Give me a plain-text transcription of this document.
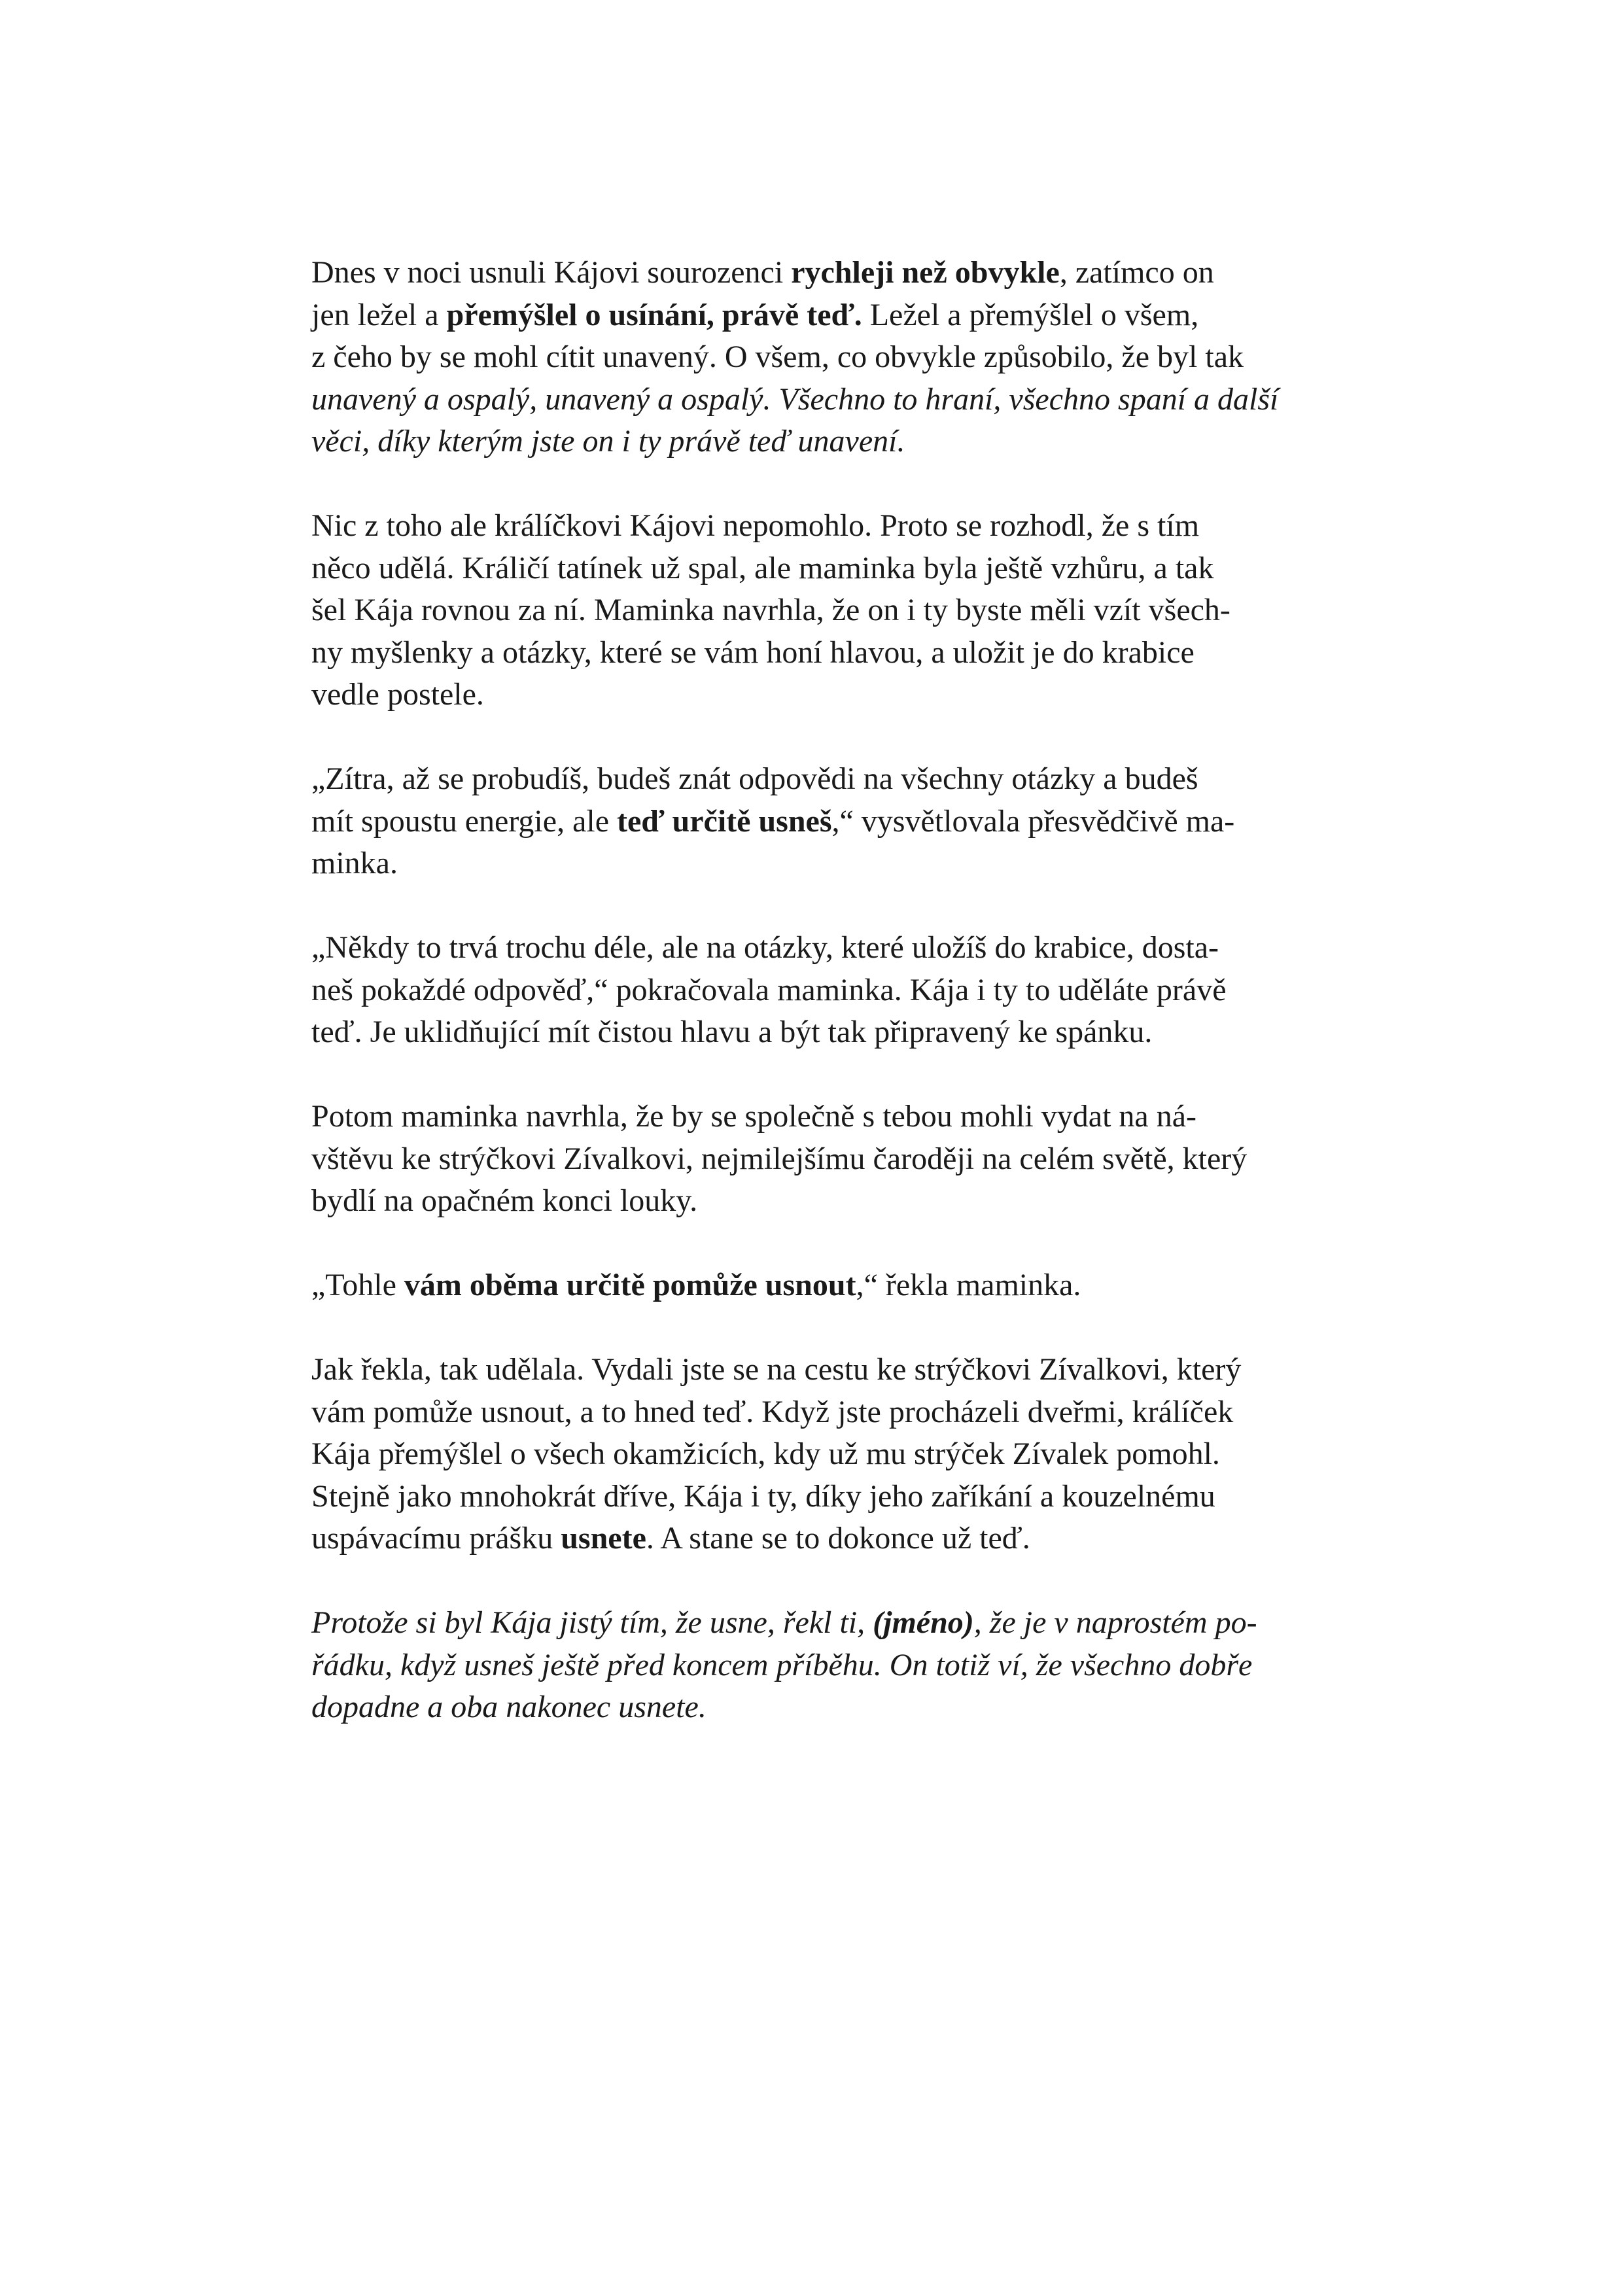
Dnes v noci usnuli Kájovi sourozenci rychleji než obvykle, zatímco on
jen ležel a přemýšlel o usínání, právě teď. Ležel a přemýšlel o všem,
z čeho by se mohl cítit unavený. O všem, co obvykle způsobilo, že byl tak
unavený a ospalý, unavený a ospalý. Všechno to hraní, všechno spaní a další
věci, díky kterým jste on i ty právě teď unavení.

Nic z toho ale králíčkovi Kájovi nepomohlo. Proto se rozhodl, že s tím
něco udělá. Králičí tatínek už spal, ale maminka byla ještě vzhůru, a tak
šel Kája rovnou za ní. Maminka navrhla, že on i ty byste měli vzít všech-
ny myšlenky a otázky, které se vám honí hlavou, a uložit je do krabice
vedle postele.

„Zítra, až se probudíš, budeš znát odpovědi na všechny otázky a budeš
mít spoustu energie, ale teď určitě usneš,“ vysvětlovala přesvědčivě ma-
minka.

„Někdy to trvá trochu déle, ale na otázky, které uložíš do krabice, dosta-
neš pokaždé odpověď,“ pokračovala maminka. Kája i ty to uděláte právě
teď. Je uklidňující mít čistou hlavu a být tak připravený ke spánku.

Potom maminka navrhla, že by se společně s tebou mohli vydat na ná-
vštěvu ke strýčkovi Zívalkovi, nejmilejšímu čaroději na celém světě, který
bydlí na opačném konci louky.

„Tohle vám oběma určitě pomůže usnout,“ řekla maminka.

Jak řekla, tak udělala. Vydali jste se na cestu ke strýčkovi Zívalkovi, který
vám pomůže usnout, a to hned teď. Když jste procházeli dveřmi, králíček
Kája přemýšlel o všech okamžicích, kdy už mu strýček Zívalek pomohl.
Stejně jako mnohokrát dříve, Kája i ty, díky jeho zaříkání a kouzelnému
uspávacímu prášku usnete. A stane se to dokonce už teď.

Protože si byl Kája jistý tím, že usne, řekl ti, (jméno), že je v naprostém po-
řádku, když usneš ještě před koncem příběhu. On totiž ví, že všechno dobře
dopadne a oba nakonec usnete.
